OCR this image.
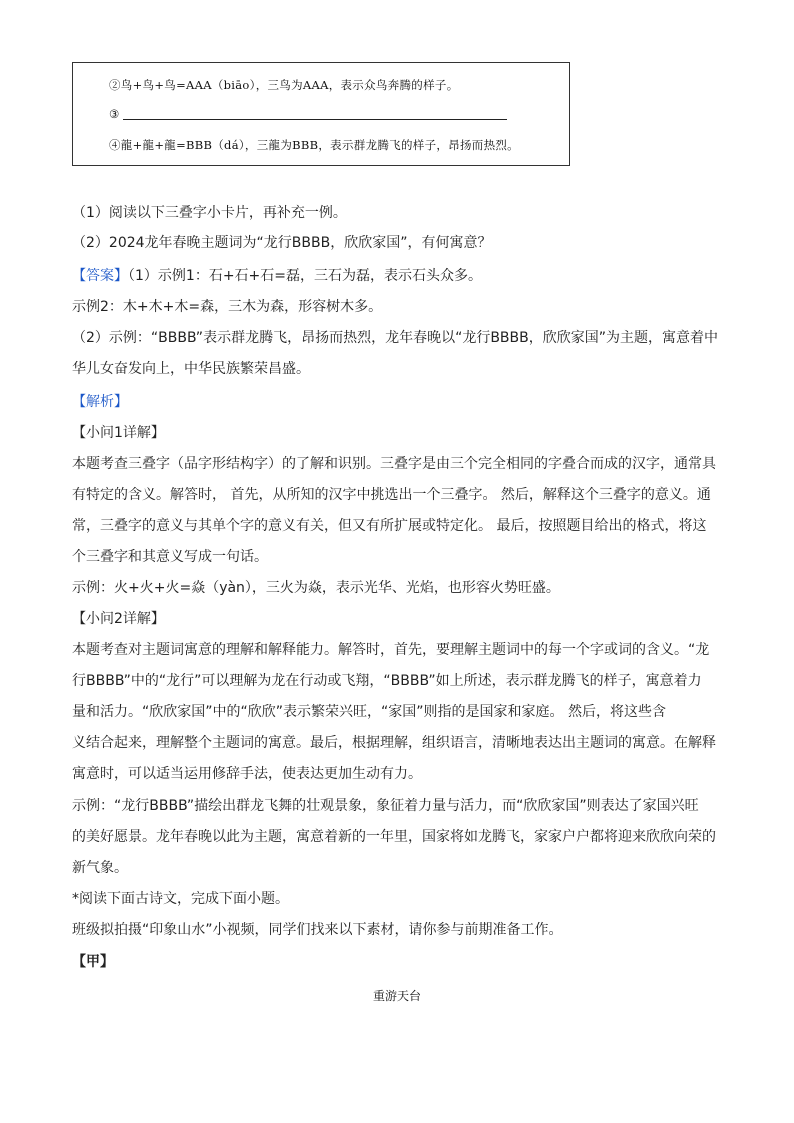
②鸟+鸟+鸟=AAA（biāo），三鸟为AAA，表示众鸟奔腾的样子。
③
④龍+龍+龍=BBB（dá），三龍为BBB，表示群龙腾飞的样子，昂扬而热烈。
（1）阅读以下三叠字小卡片，再补充一例。
（2）2024龙年春晚主题词为“龙行BBBB，欣欣家国”，有何寓意？
【答案】（1）示例1：石+石+石=磊，三石为磊，表示石头众多。
示例2：木+木+木=森，三木为森，形容树木多。
（2）示例：“BBBB”表示群龙腾飞，昂扬而热烈，龙年春晚以“龙行BBBB，欣欣家国”为主题，寓意着中
华儿女奋发向上，中华民族繁荣昌盛。
【解析】
【小问1详解】
本题考查三叠字（品字形结构字）的了解和识别。三叠字是由三个完全相同的字叠合而成的汉字，通常具
有特定的含义。解答时， 首先，从所知的汉字中挑选出一个三叠字。 然后，解释这个三叠字的意义。通
常，三叠字的意义与其单个字的意义有关，但又有所扩展或特定化。 最后，按照题目给出的格式，将这
个三叠字和其意义写成一句话。
示例：火+火+火=焱（yàn），三火为焱，表示光华、光焰，也形容火势旺盛。
【小问2详解】
本题考查对主题词寓意的理解和解释能力。解答时，首先，要理解主题词中的每一个字或词的含义。“龙
行BBBB”中的“龙行”可以理解为龙在行动或飞翔，“BBBB”如上所述，表示群龙腾飞的样子，寓意着力
量和活力。“欣欣家国”中的“欣欣”表示繁荣兴旺，“家国”则指的是国家和家庭。 然后，将这些含
义结合起来，理解整个主题词的寓意。最后，根据理解，组织语言，清晰地表达出主题词的寓意。在解释
寓意时，可以适当运用修辞手法，使表达更加生动有力。
示例：“龙行BBBB”描绘出群龙飞舞的壮观景象，象征着力量与活力，而“欣欣家国”则表达了家国兴旺
的美好愿景。龙年春晚以此为主题，寓意着新的一年里，国家将如龙腾飞，家家户户都将迎来欣欣向荣的
新气象。
*阅读下面古诗文，完成下面小题。
班级拟拍摄“印象山水”小视频，同学们找来以下素材，请你参与前期准备工作。
【甲】
重游天台
